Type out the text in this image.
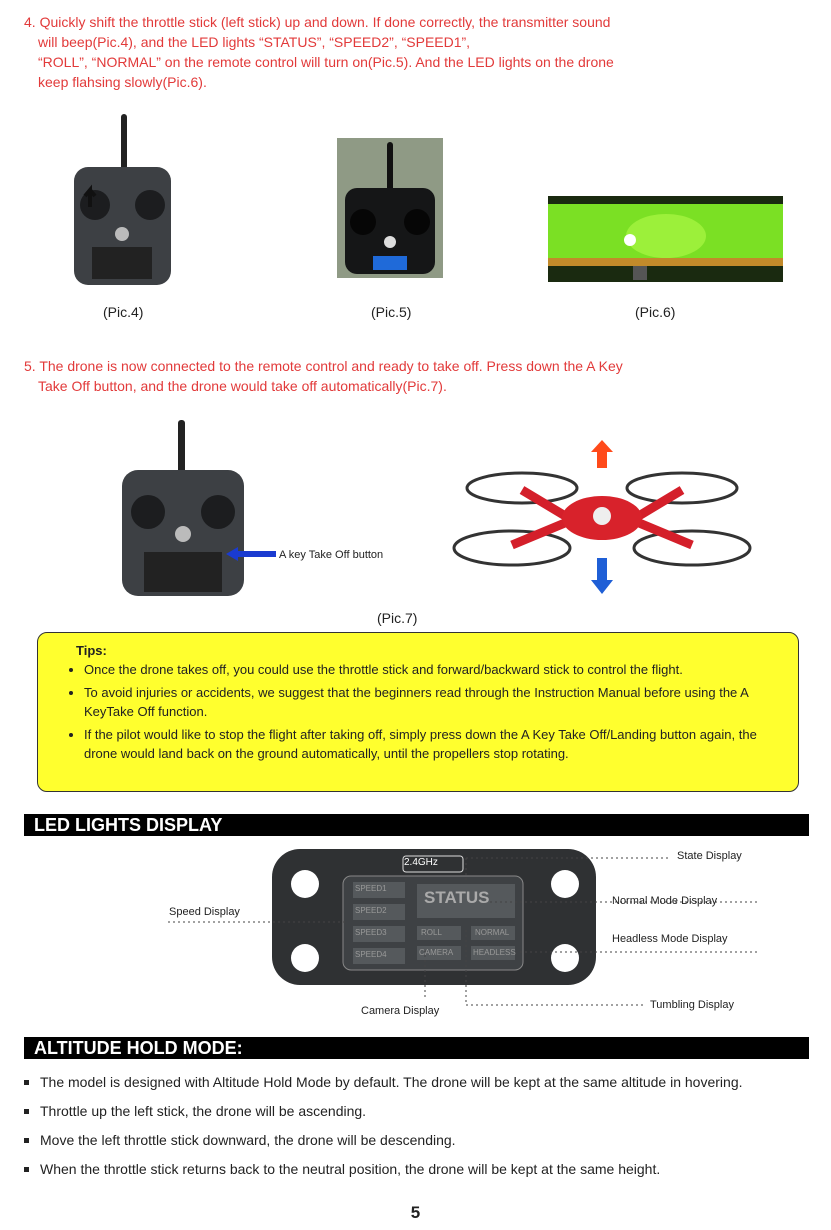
4. Quickly shift the throttle stick (left stick) up and down. If done correctly, the transmitter sound
will beep(Pic.4), and the LED lights “STATUS”, “SPEED2”, “SPEED1”,
“ROLL”, “NORMAL” on the remote control will turn on(Pic.5). And the LED lights on the drone
keep flahsing slowly(Pic.6).
(Pic.4)	(Pic.5)	(Pic.6)
5. The drone is now connected to the remote control and ready to take off. Press down the A Key
Take Off button, and the drone would take off automatically(Pic.7).
A key Take Off button
(Pic.7)
Tips:
• Once the drone takes off, you could use the throttle stick and forward/backward stick to control the flight.
• To avoid injuries or accidents, we suggest that the beginners read through the Instruction Manual before using the A KeyTake Off function.
• If the pilot would like to stop the flight after taking off, simply press down the A Key Take Off/Landing button again, the drone would land back on the ground automatically, until the propellers stop rotating.
LED LIGHTS DISPLAY
2.4GHz
STATUS
SPEED1
SPEED2
SPEED3
SPEED4
ROLL	NORMAL
CAMERA HEADLESS
State Display
Normal Mode Display
Headless Mode Display
Speed Display
Camera Display	Tumbling Display
ALTITUDE HOLD MODE:
The model is designed with Altitude Hold Mode by default. The drone will be kept at the same altitude in hovering.
Throttle up the left stick, the drone will be ascending.
Move the left throttle stick downward, the drone will be descending.
When the throttle stick returns back to the neutral position, the drone will be kept at the same height.
5
